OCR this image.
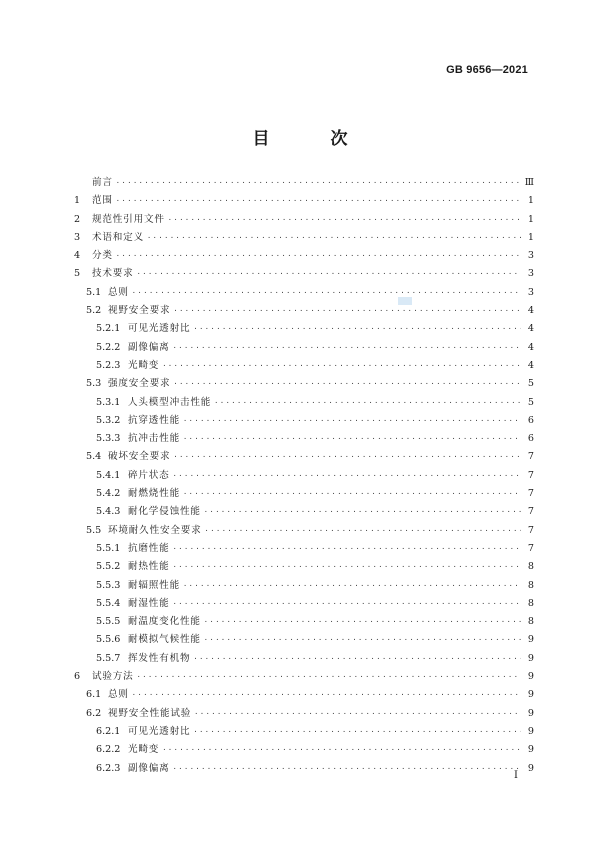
GB 9656—2021
目　次
前言 ·····	Ⅲ
1	范围 ·····	1
2	规范性引用文件 ·····	1
3	术语和定义 ·····	1
4	分类 ·····	3
5	技术要求 ·····	3
5.1 总则 ·····	3
5.2 视野安全要求 ·····	4
5.2.1 可见光透射比 ·····	4
5.2.2 副像偏离 ·····	4
5.2.3 光畸变 ·····	4
5.3 强度安全要求 ·····	5
5.3.1 人头模型冲击性能 ·····	5
5.3.2 抗穿透性能 ·····	6
5.3.3 抗冲击性能 ·····	6
5.4 破坏安全要求 ·····	7
5.4.1 碎片状态 ·····	7
5.4.2 耐燃烧性能 ·····	7
5.4.3 耐化学侵蚀性能 ·····	7
5.5 环境耐久性安全要求 ·····	7
5.5.1 抗磨性能 ·····	7
5.5.2 耐热性能 ·····	8
5.5.3 耐辐照性能 ·····	8
5.5.4 耐湿性能 ·····	8
5.5.5 耐温度变化性能 ·····	8
5.5.6 耐模拟气候性能 ·····	9
5.5.7 挥发性有机物 ·····	9
6	试验方法 ·····	9
6.1 总则 ·····	9
6.2 视野安全性能试验 ·····	9
6.2.1 可见光透射比 ·····	9
6.2.2 光畸变 ·····	9
6.2.3 副像偏离 ·····	9
I
